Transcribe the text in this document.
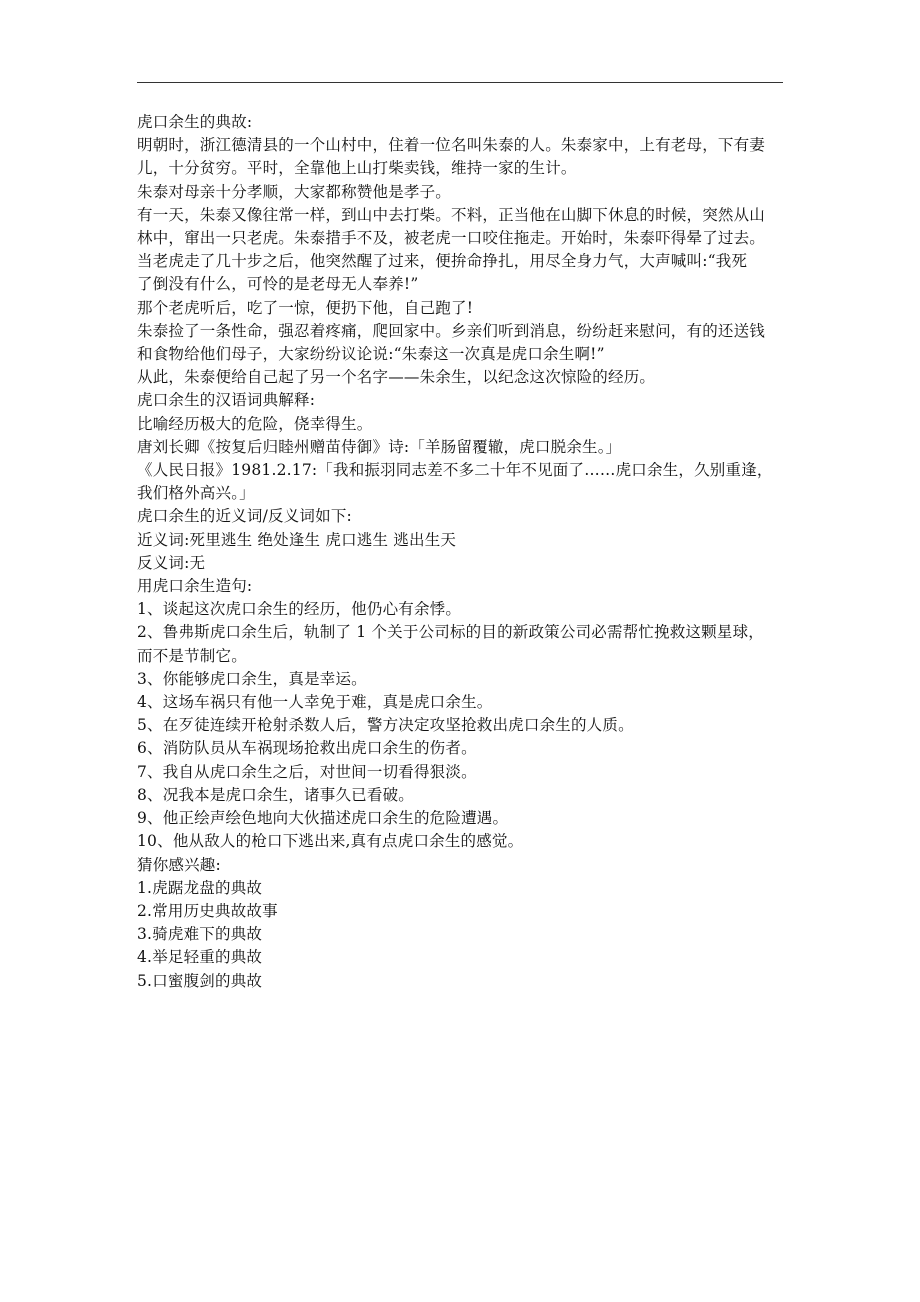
虎口余生的典故:
明朝时，浙江德清县的一个山村中，住着一位名叫朱泰的人。朱泰家中，上有老母，下有妻
儿，十分贫穷。平时，全靠他上山打柴卖钱，维持一家的生计。
朱泰对母亲十分孝顺，大家都称赞他是孝子。
有一天，朱泰又像往常一样，到山中去打柴。不料，正当他在山脚下休息的时候，突然从山
林中，窜出一只老虎。朱泰措手不及，被老虎一口咬住拖走。开始时，朱泰吓得晕了过去。
当老虎走了几十步之后，他突然醒了过来，便拚命挣扎，用尽全身力气，大声喊叫:“我死
了倒没有什么，可怜的是老母无人奉养!”
那个老虎听后，吃了一惊，便扔下他，自己跑了!
朱泰捡了一条性命，强忍着疼痛，爬回家中。乡亲们听到消息，纷纷赶来慰问，有的还送钱
和食物给他们母子，大家纷纷议论说:“朱泰这一次真是虎口余生啊!”
从此，朱泰便给自己起了另一个名字——朱余生，以纪念这次惊险的经历。
虎口余生的汉语词典解释:
比喻经历极大的危险，侥幸得生。
唐刘长卿《按复后归睦州赠苗侍御》诗:「羊肠留覆辙，虎口脱余生。」
《人民日报》1981.2.17:「我和振羽同志差不多二十年不见面了……虎口余生，久别重逢，
我们格外高兴。」
虎口余生的近义词/反义词如下:
近义词:死里逃生 绝处逢生 虎口逃生 逃出生天
反义词:无
用虎口余生造句:
1、谈起这次虎口余生的经历，他仍心有余悸。
2、鲁弗斯虎口余生后，轨制了 1 个关于公司标的目的新政策公司必需帮忙挽救这颗星球，
而不是节制它。
3、你能够虎口余生，真是幸运。
4、这场车祸只有他一人幸免于难，真是虎口余生。
5、在歹徒连续开枪射杀数人后，警方决定攻坚抢救出虎口余生的人质。
6、消防队员从车祸现场抢救出虎口余生的伤者。
7、我自从虎口余生之后，对世间一切看得狠淡。
8、况我本是虎口余生，诸事久已看破。
9、他正绘声绘色地向大伙描述虎口余生的危险遭遇。
10、他从敌人的枪口下逃出来,真有点虎口余生的感觉。
猜你感兴趣:
1.虎踞龙盘的典故
2.常用历史典故故事
3.骑虎难下的典故
4.举足轻重的典故
5.口蜜腹剑的典故
